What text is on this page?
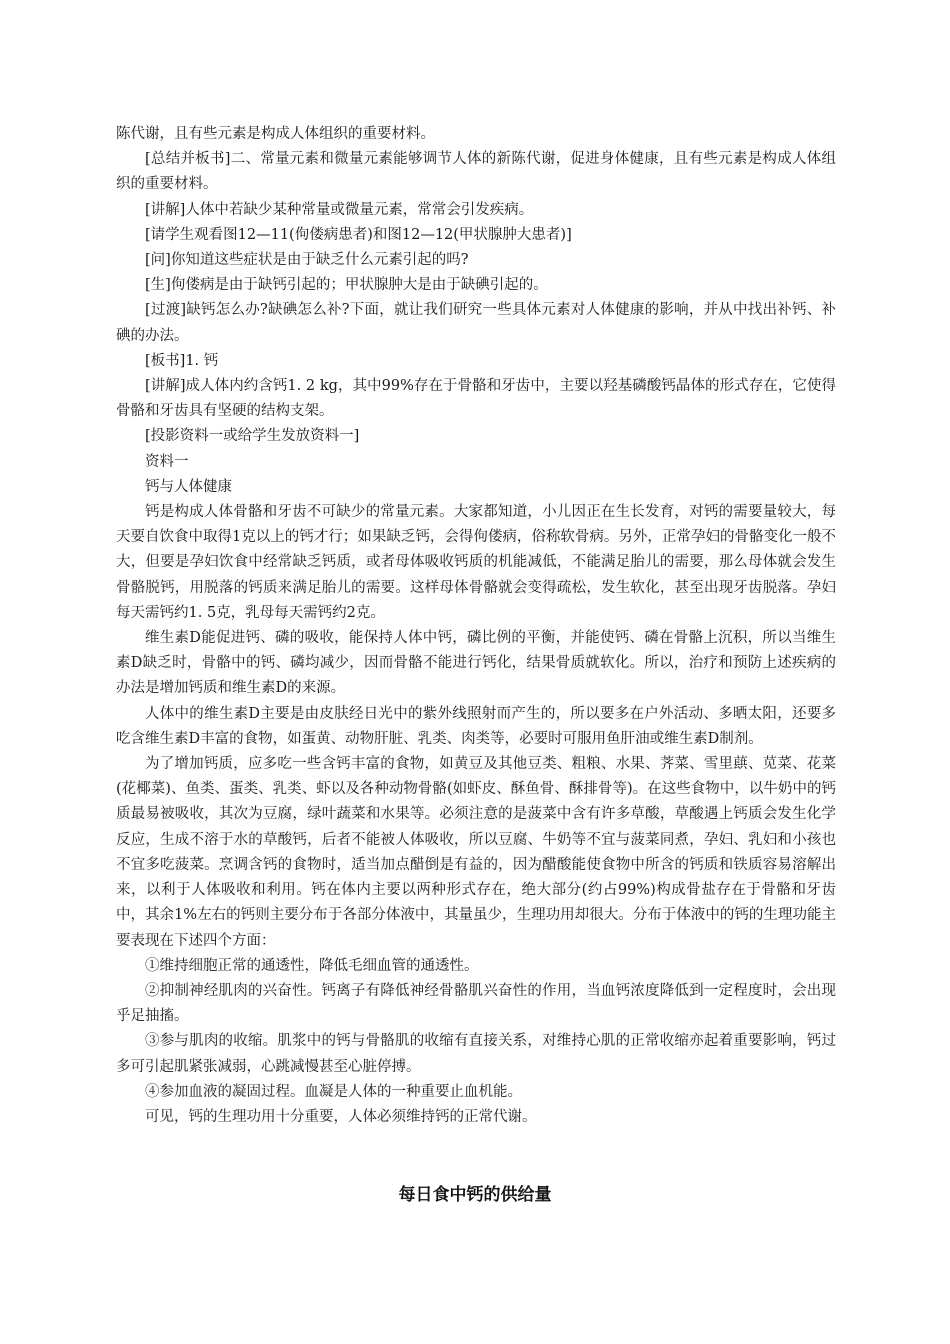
陈代谢，且有些元素是构成人体组织的重要材料。

[总结并板书]二、常量元素和微量元素能够调节人体的新陈代谢，促进身体健康，且有些元素是构成人体组织的重要材料。

[讲解]人体中若缺少某种常量或微量元素，常常会引发疾病。

[请学生观看图12—11(佝偻病患者)和图12—12(甲状腺肿大患者)]

[问]你知道这些症状是由于缺乏什么元素引起的吗?

[生]佝偻病是由于缺钙引起的；甲状腺肿大是由于缺碘引起的。

[过渡]缺钙怎么办?缺碘怎么补?下面，就让我们研究一些具体元素对人体健康的影响，并从中找出补钙、补碘的办法。

[板书]1. 钙

[讲解]成人体内约含钙1. 2 kg，其中99%存在于骨骼和牙齿中，主要以羟基磷酸钙晶体的形式存在，它使得骨骼和牙齿具有坚硬的结构支架。

[投影资料一或给学生发放资料一]

资料一

钙与人体健康

钙是构成人体骨骼和牙齿不可缺少的常量元素。大家都知道，小儿因正在生长发育，对钙的需要量较大，每天要自饮食中取得1克以上的钙才行；如果缺乏钙，会得佝偻病，俗称软骨病。另外，正常孕妇的骨骼变化一般不大，但要是孕妇饮食中经常缺乏钙质，或者母体吸收钙质的机能减低，不能满足胎儿的需要，那么母体就会发生骨骼脱钙，用脱落的钙质来满足胎儿的需要。这样母体骨骼就会变得疏松，发生软化，甚至出现牙齿脱落。孕妇每天需钙约1. 5克，乳母每天需钙约2克。

维生素D能促进钙、磷的吸收，能保持人体中钙，磷比例的平衡，并能使钙、磷在骨骼上沉积，所以当维生素D缺乏时，骨骼中的钙、磷均减少，因而骨骼不能进行钙化，结果骨质就软化。所以，治疗和预防上述疾病的办法是增加钙质和维生素D的来源。

人体中的维生素D主要是由皮肤经日光中的紫外线照射而产生的，所以要多在户外活动、多晒太阳，还要多吃含维生素D丰富的食物，如蛋黄、动物肝脏、乳类、肉类等，必要时可服用鱼肝油或维生素D制剂。

为了增加钙质，应多吃一些含钙丰富的食物，如黄豆及其他豆类、粗粮、水果、荠菜、雪里蕻、苋菜、花菜(花椰菜)、鱼类、蛋类、乳类、虾以及各种动物骨骼(如虾皮、酥鱼骨、酥排骨等)。在这些食物中，以牛奶中的钙质最易被吸收，其次为豆腐，绿叶蔬菜和水果等。必须注意的是菠菜中含有许多草酸，草酸遇上钙质会发生化学反应，生成不溶于水的草酸钙，后者不能被人体吸收，所以豆腐、牛奶等不宜与菠菜同煮，孕妇、乳妇和小孩也不宜多吃菠菜。烹调含钙的食物时，适当加点醋倒是有益的，因为醋酸能使食物中所含的钙质和铁质容易溶解出来，以利于人体吸收和利用。钙在体内主要以两种形式存在，绝大部分(约占99%)构成骨盐存在于骨骼和牙齿中，其余1%左右的钙则主要分布于各部分体液中，其量虽少，生理功用却很大。分布于体液中的钙的生理功能主要表现在下述四个方面：

①维持细胞正常的通透性，降低毛细血管的通透性。

②抑制神经肌肉的兴奋性。钙离子有降低神经骨骼肌兴奋性的作用，当血钙浓度降低到一定程度时，会出现乎足抽搐。

③参与肌肉的收缩。肌浆中的钙与骨骼肌的收缩有直接关系，对维持心肌的正常收缩亦起着重要影响，钙过多可引起肌紧张减弱，心跳减慢甚至心脏停搏。

④参加血液的凝固过程。血凝是人体的一种重要止血机能。

可见，钙的生理功用十分重要，人体必须维持钙的正常代谢。

每日食中钙的供给量
